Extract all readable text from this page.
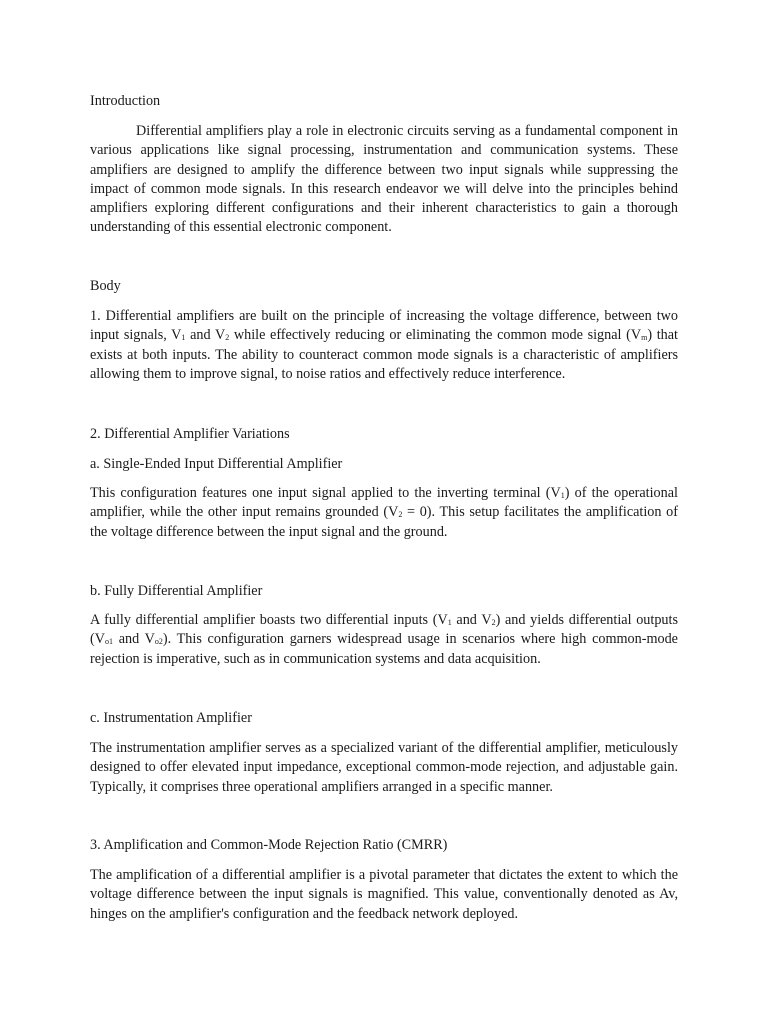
Introduction

Differential amplifiers play a role in electronic circuits serving as a fundamental component in various applications like signal processing, instrumentation and communication systems. These amplifiers are designed to amplify the difference between two input signals while suppressing the impact of common mode signals. In this research endeavor we will delve into the principles behind amplifiers exploring different configurations and their inherent characteristics to gain a thorough understanding of this essential electronic component.

Body

1. Differential amplifiers are built on the principle of increasing the voltage difference, between two input signals, $V_1$ and $V_2$ while effectively reducing or eliminating the common mode signal $(V_m)$ that exists at both inputs. The ability to counteract common mode signals is a characteristic of amplifiers allowing them to improve signal, to noise ratios and effectively reduce interference.

2. Differential Amplifier Variations

a. Single-Ended Input Differential Amplifier

This configuration features one input signal applied to the inverting terminal $(V_1)$ of the operational amplifier, while the other input remains grounded $(V_2 = 0)$. This setup facilitates the amplification of the voltage difference between the input signal and the ground.

b. Fully Differential Amplifier

A fully differential amplifier boasts two differential inputs ($V_1$ and $V_2$) and yields differential outputs ($V_{o1}$ and $V_{o2}$). This configuration garners widespread usage in scenarios where high common-mode rejection is imperative, such as in communication systems and data acquisition.

c. Instrumentation Amplifier

The instrumentation amplifier serves as a specialized variant of the differential amplifier, meticulously designed to offer elevated input impedance, exceptional common-mode rejection, and adjustable gain. Typically, it comprises three operational amplifiers arranged in a specific manner.

3. Amplification and Common-Mode Rejection Ratio (CMRR)

The amplification of a differential amplifier is a pivotal parameter that dictates the extent to which the voltage difference between the input signals is magnified. This value, conventionally denoted as Av, hinges on the amplifier's configuration and the feedback network deployed.
